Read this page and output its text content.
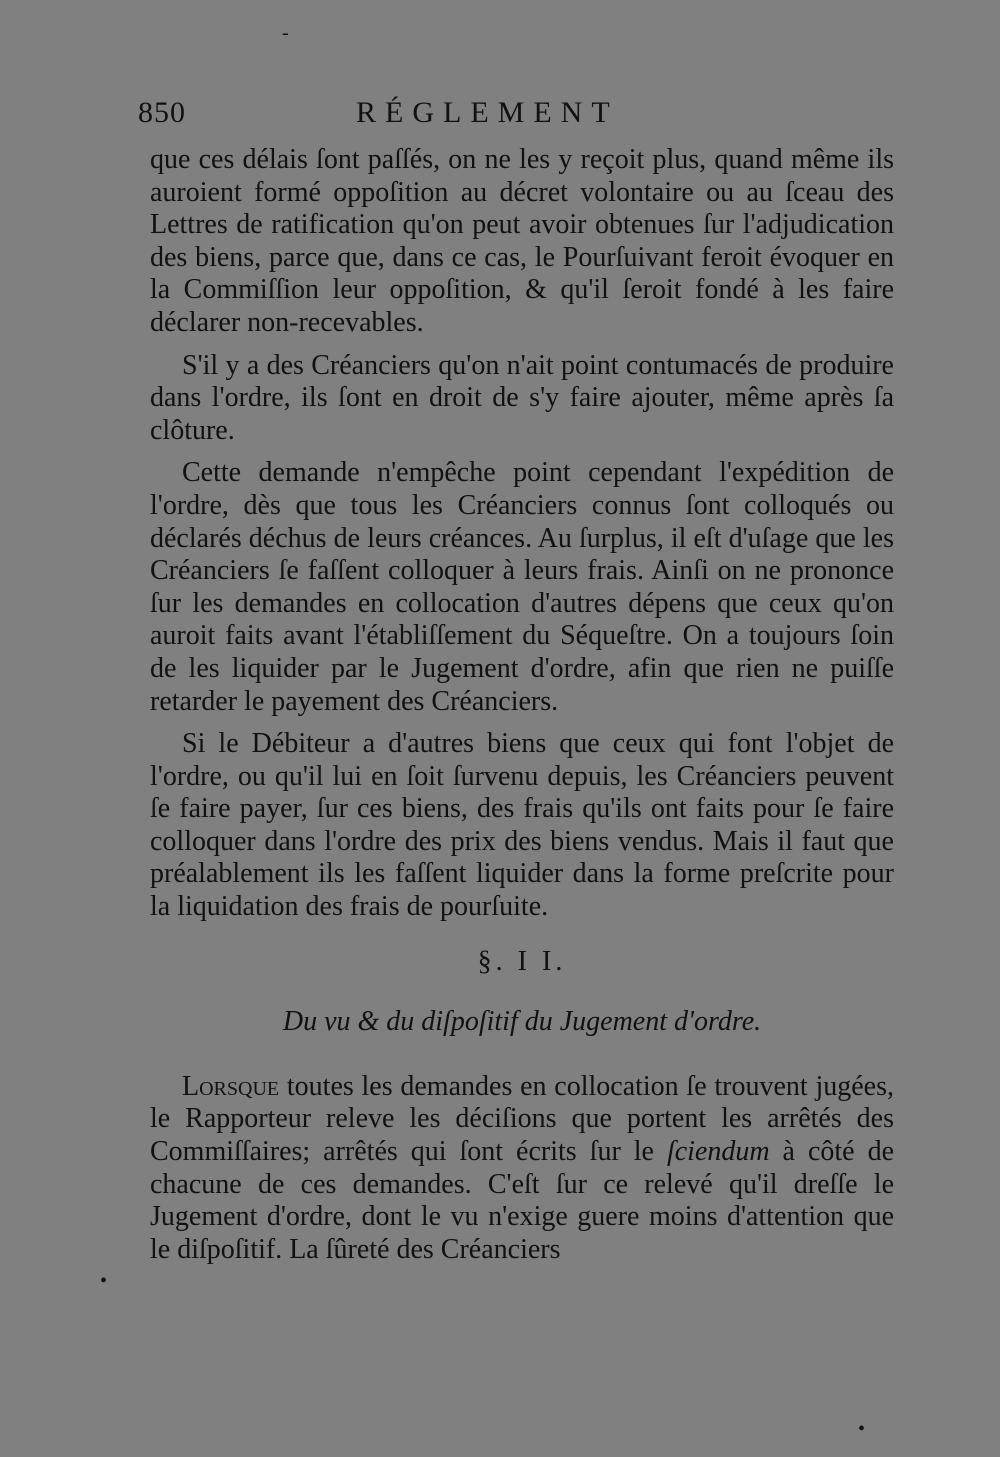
‐
850	RÉGLEMENT

que ces délais ſont paſſés, on ne les y reçoit plus, quand même ils auroient formé oppoſition au décret volontaire ou au ſceau des Lettres de ratification qu'on peut avoir obtenues ſur l'adjudication des biens, parce que, dans ce cas, le Pourſuivant feroit évoquer en la Commiſſion leur oppoſition, & qu'il ſeroit fondé à les faire déclarer non-recevables.

S'il y a des Créanciers qu'on n'ait point contumacés de produire dans l'ordre, ils ſont en droit de s'y faire ajouter, même après ſa clôture.

Cette demande n'empêche point cependant l'expédition de l'ordre, dès que tous les Créanciers connus ſont colloqués ou déclarés déchus de leurs créances. Au ſurplus, il eſt d'uſage que les Créanciers ſe faſſent colloquer à leurs frais. Ainſi on ne prononce ſur les demandes en collocation d'autres dépens que ceux qu'on auroit faits avant l'établiſſement du Séqueſtre. On a toujours ſoin de les liquider par le Jugement d'ordre, afin que rien ne puiſſe retarder le payement des Créanciers.

Si le Débiteur a d'autres biens que ceux qui font l'objet de l'ordre, ou qu'il lui en ſoit ſurvenu depuis, les Créanciers peuvent ſe faire payer, ſur ces biens, des frais qu'ils ont faits pour ſe faire colloquer dans l'ordre des prix des biens vendus. Mais il faut que préalablement ils les faſſent liquider dans la forme preſcrite pour la liquidation des frais de pourſuite.

§. I I.
Du vu & du diſpoſitif du Jugement d'ordre.

Lorsque toutes les demandes en collocation ſe trouvent jugées, le Rapporteur releve les déciſions que portent les arrêtés des Commiſſaires; arrêtés qui ſont écrits ſur le ſciendum à côté de chacune de ces demandes. C'eſt ſur ce relevé qu'il dreſſe le Jugement d'ordre, dont le vu n'exige guere moins d'attention que le diſpoſitif. La ſûreté des Créanciers

•
•
